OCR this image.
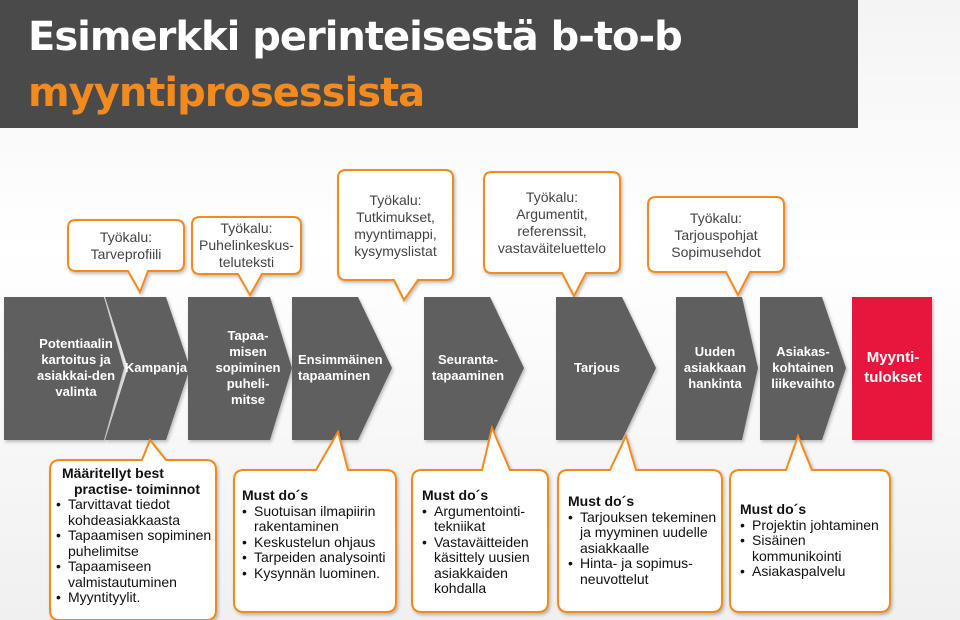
Esimerkki perinteisestä b-to-b
myyntiprosessista
Työkalu:
Tarveprofiili
Työkalu:
Puhelinkeskus-teluteksti
Työkalu:
Tutkimukset, myyntimappi, kysymyslistat
Työkalu:
Argumentit, referenssit, vastaväiteluettelo
Työkalu:
Tarjouspohjat Sopimusehdot
Potentiaalin kartoitus ja asiakkai-den valinta
Kampanja
Tapaa-misen sopiminen puheli-mitse
Ensimmäinen tapaaminen
Seuranta-tapaaminen
Tarjous
Uuden asiakkaan hankinta
Asiakas-kohtainen liikevaihto
Myynti-tulokset
Määritellyt best
practise- toiminnot
• Tarvittavat tiedot kohdeasiakkaasta
• Tapaamisen sopiminen puhelimitse
• Tapaamiseen valmistautuminen
• Myyntityylit.
Must do´s
• Suotuisan ilmapiirin rakentaminen
• Keskustelun ohjaus
• Tarpeiden analysointi
• Kysynnän luominen.
Must do´s
• Argumentointi-tekniikat
• Vastaväitteiden käsittely uusien asiakkaiden kohdalla
Must do´s
• Tarjouksen tekeminen ja myyminen uudelle asiakkaalle
• Hinta- ja sopimus-neuvottelut
Must do´s
• Projektin johtaminen
• Sisäinen kommunikointi
• Asiakaspalvelu
